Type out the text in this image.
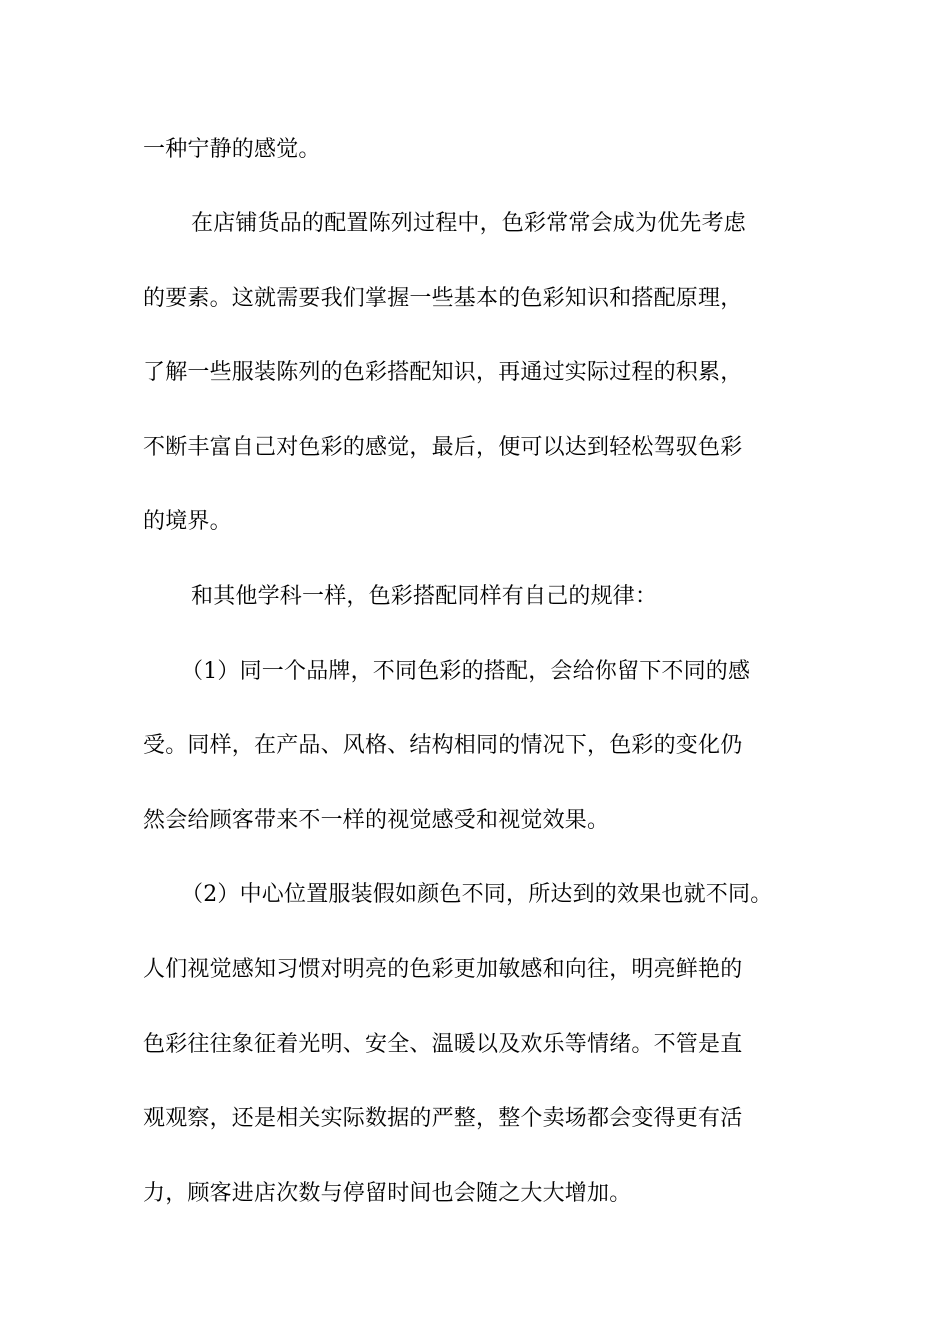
一种宁静的感觉。
在店铺货品的配置陈列过程中，色彩常常会成为优先考虑
的要素。这就需要我们掌握一些基本的色彩知识和搭配原理，
了解一些服装陈列的色彩搭配知识，再通过实际过程的积累，
不断丰富自己对色彩的感觉，最后，便可以达到轻松驾驭色彩
的境界。
和其他学科一样，色彩搭配同样有自己的规律：
（1）同一个品牌，不同色彩的搭配，会给你留下不同的感
受。同样，在产品、风格、结构相同的情况下，色彩的变化仍
然会给顾客带来不一样的视觉感受和视觉效果。
（2）中心位置服装假如颜色不同，所达到的效果也就不同。
人们视觉感知习惯对明亮的色彩更加敏感和向往，明亮鲜艳的
色彩往往象征着光明、安全、温暖以及欢乐等情绪。不管是直
观观察，还是相关实际数据的严整，整个卖场都会变得更有活
力，顾客进店次数与停留时间也会随之大大增加。
